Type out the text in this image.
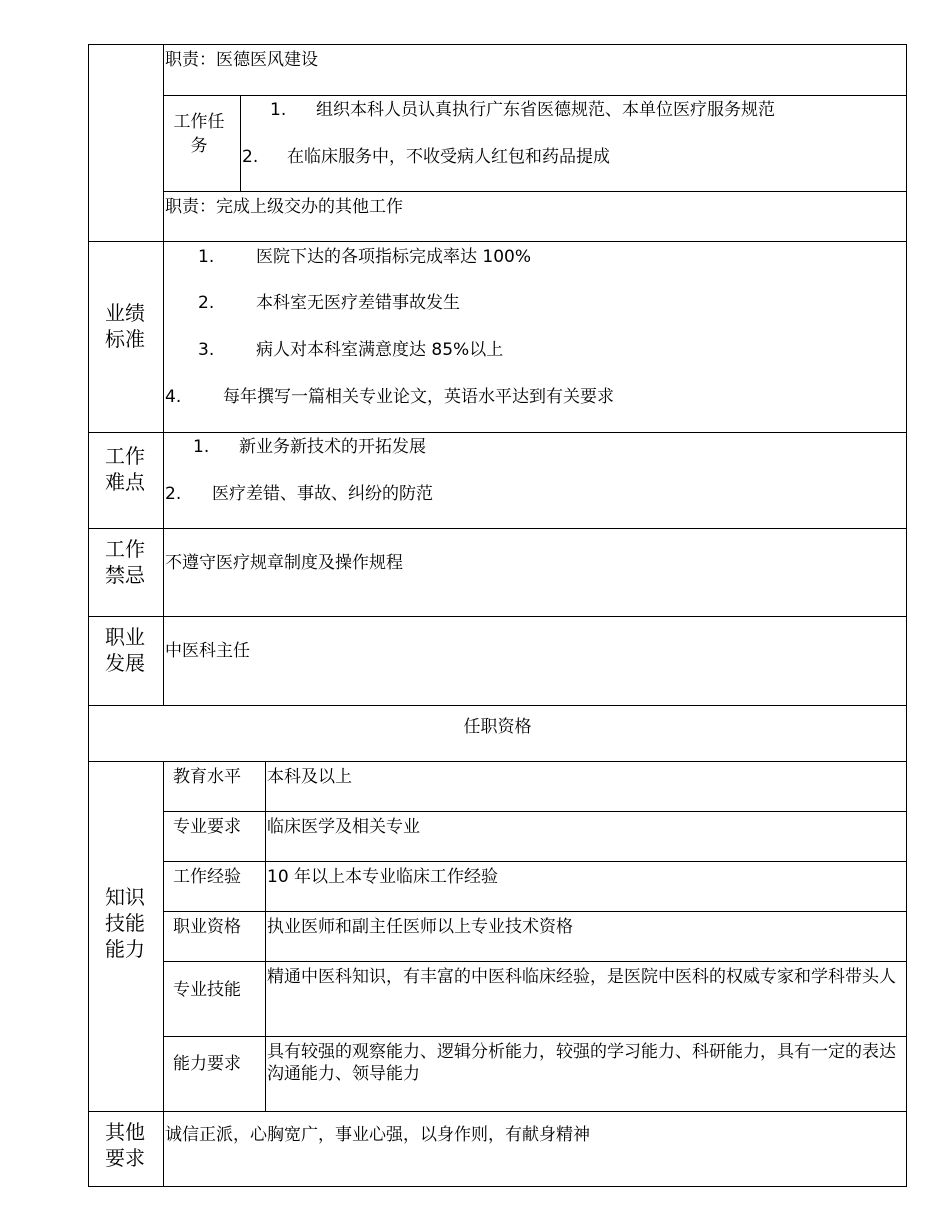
职责：医德医风建设
工作任务
1. 组织本科人员认真执行广东省医德规范、本单位医疗服务规范
2. 在临床服务中，不收受病人红包和药品提成
职责：完成上级交办的其他工作
业绩标准
1. 医院下达的各项指标完成率达 100%
2. 本科室无医疗差错事故发生
3. 病人对本科室满意度达 85%以上
4. 每年撰写一篇相关专业论文，英语水平达到有关要求
工作难点
1. 新业务新技术的开拓发展
2. 医疗差错、事故、纠纷的防范
工作禁忌 不遵守医疗规章制度及操作规程
职业发展 中医科主任
任职资格
知识技能能力
教育水平 本科及以上
专业要求 临床医学及相关专业
工作经验 10 年以上本专业临床工作经验
职业资格 执业医师和副主任医师以上专业技术资格
专业技能
精通中医科知识，有丰富的中医科临床经验，是医院中医科的权威专家和学科带头人
能力要求
具有较强的观察能力、逻辑分析能力，较强的学习能力、科研能力，具有一定的表达沟通能力、领导能力
其他要求
诚信正派，心胸宽广，事业心强，以身作则，有献身精神
